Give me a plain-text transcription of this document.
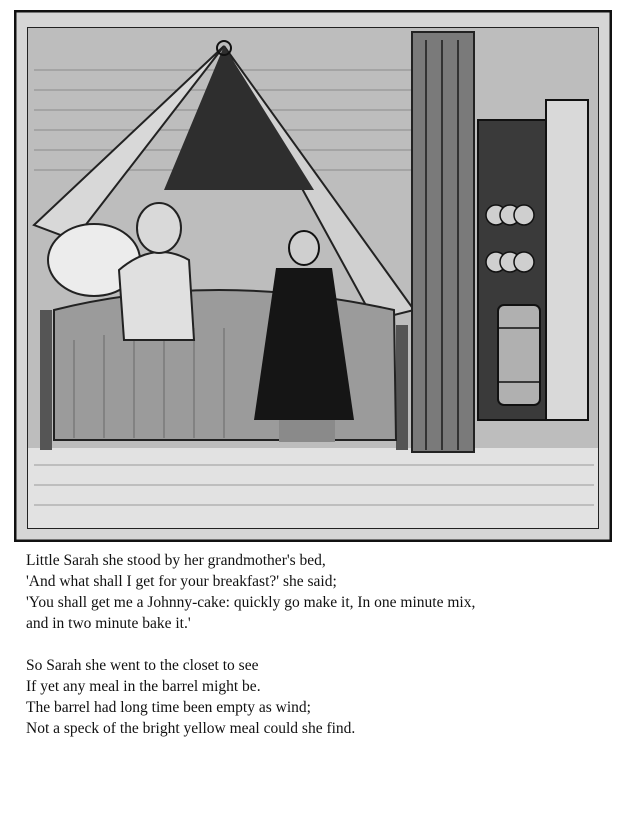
Little Sarah she stood by her grandmother's bed,
'And what shall I get for your breakfast?' she said;
'You shall get me a Johnny-cake: quickly go make it, In one minute mix,
and in two minute bake it.'
So Sarah she went to the closet to see
If yet any meal in the barrel might be.
The barrel had long time been empty as wind;
Not a speck of the bright yellow meal could she find.
